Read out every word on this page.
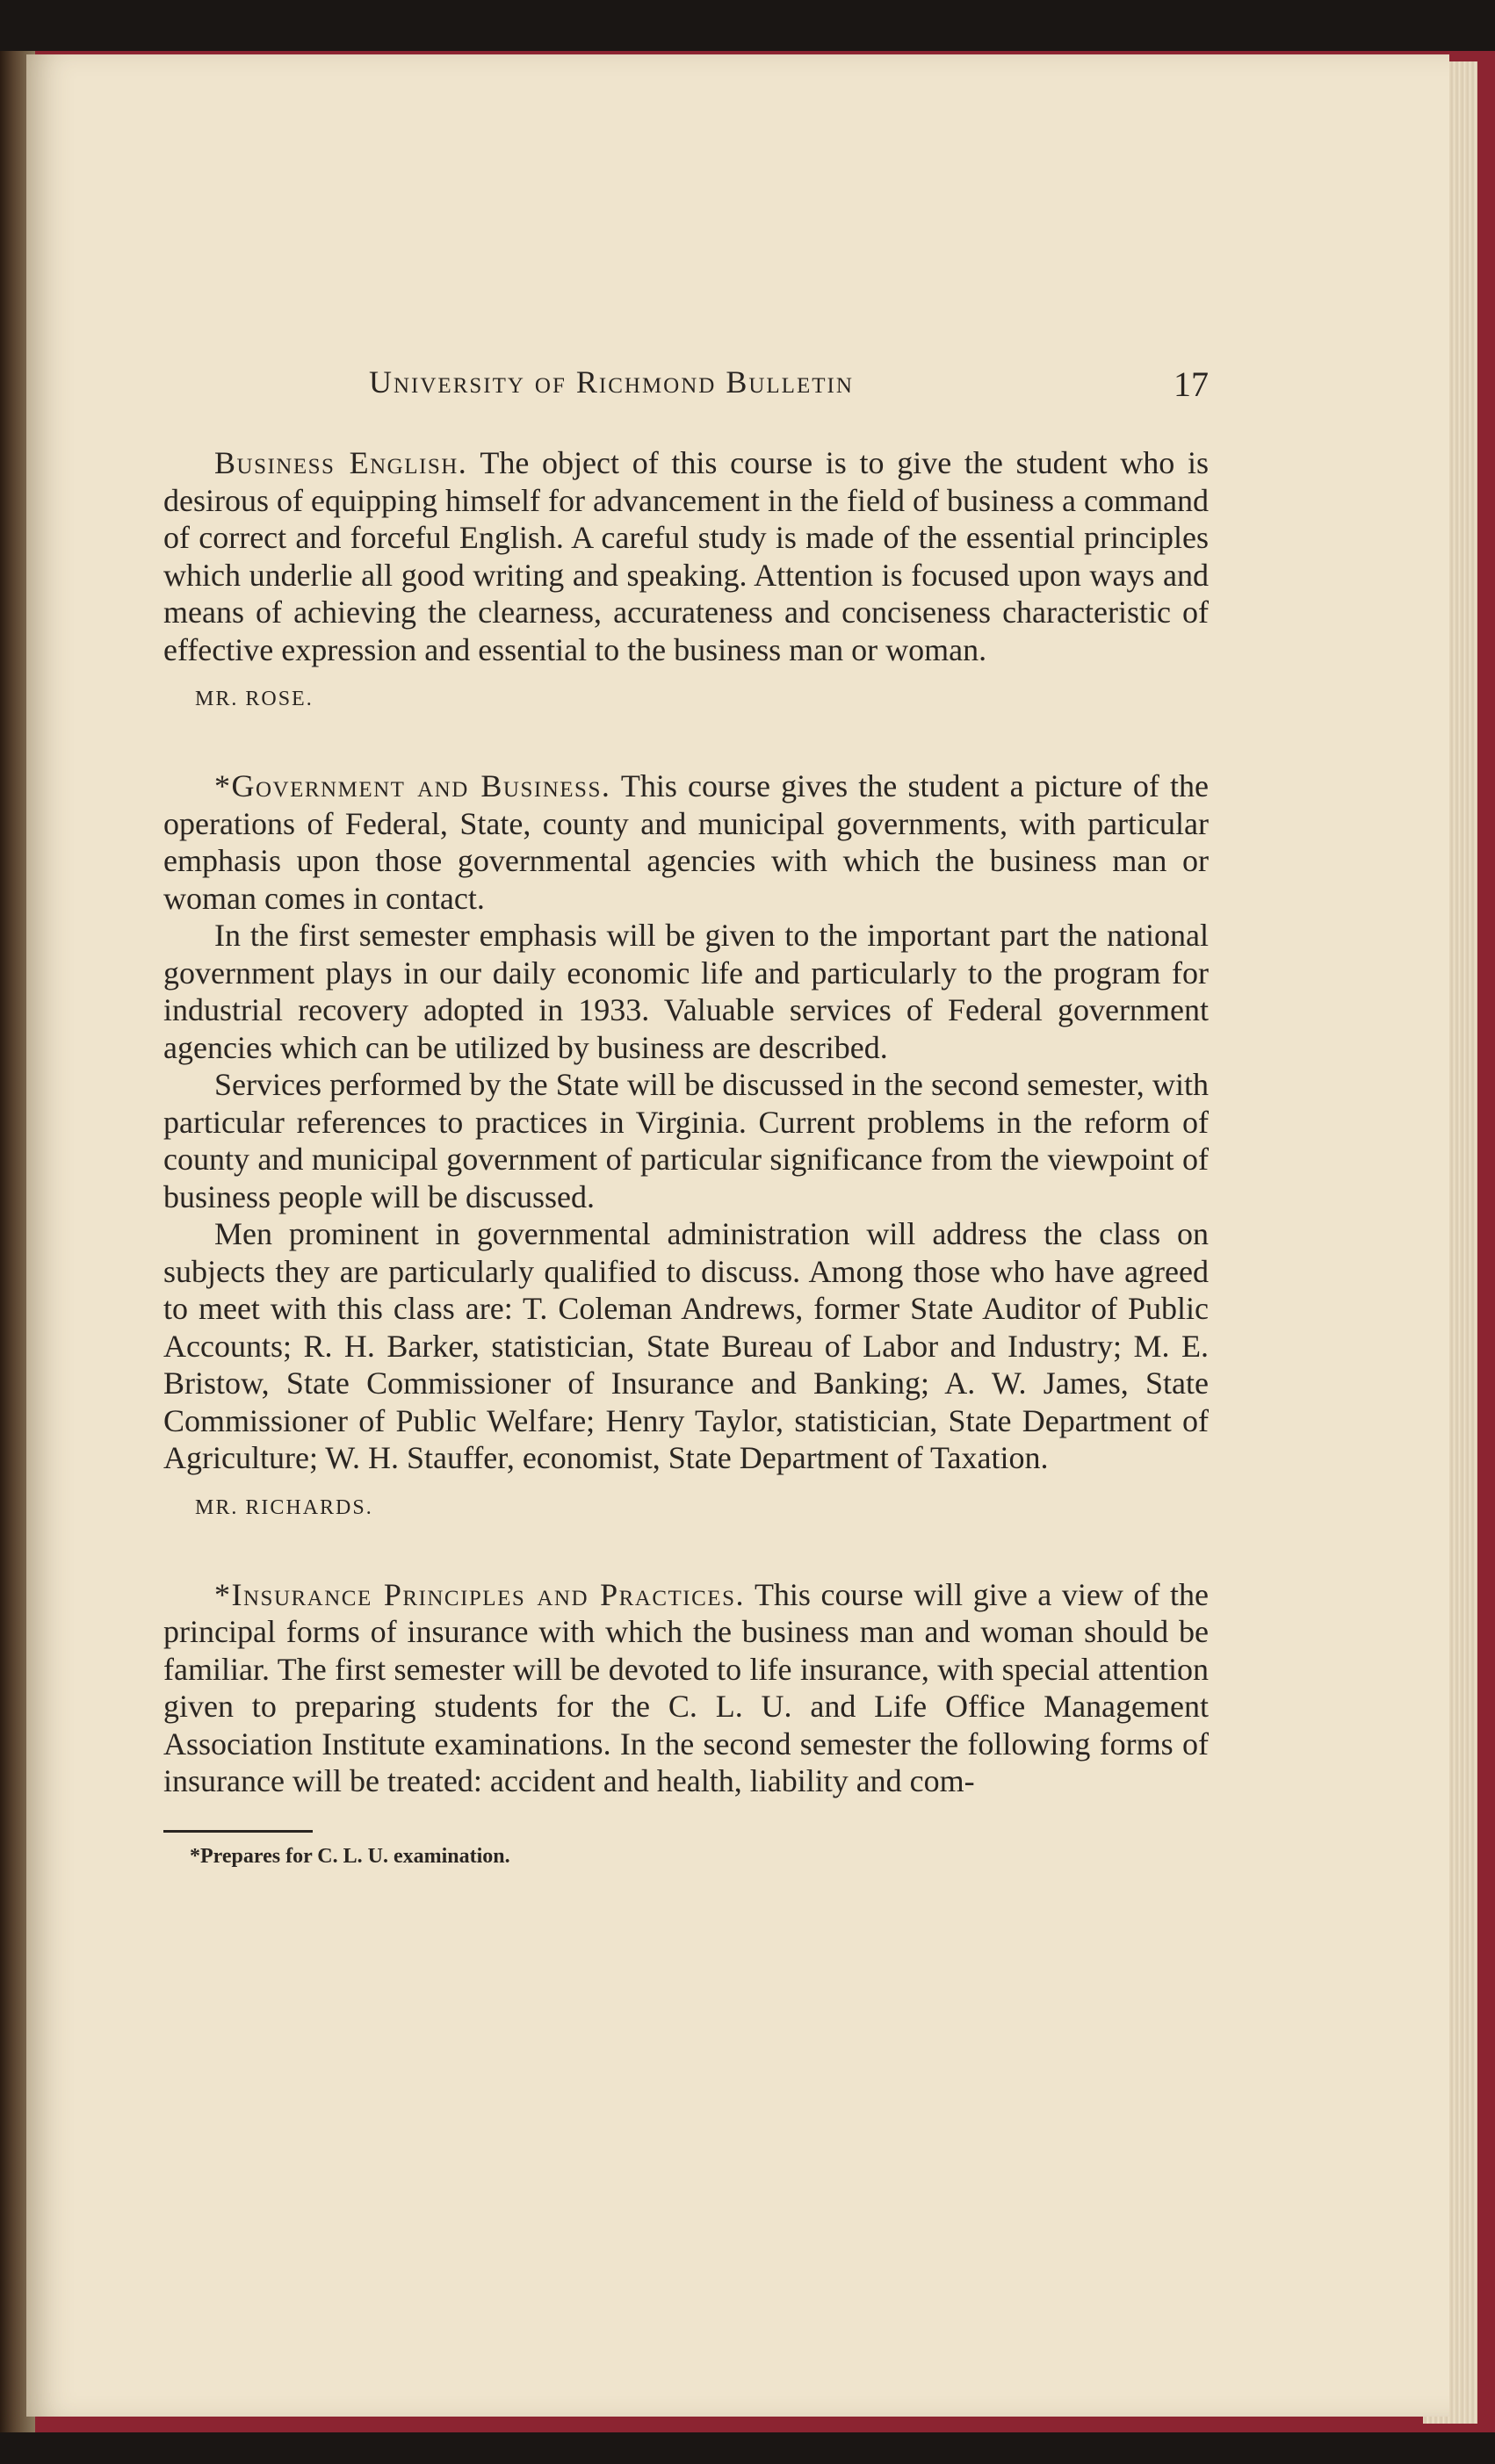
University of Richmond Bulletin	17

Business English. The object of this course is to give the student who is desirous of equipping himself for advancement in the field of business a command of correct and forceful English. A careful study is made of the essential principles which underlie all good writing and speaking. Attention is focused upon ways and means of achieving the clearness, accurateness and conciseness characteristic of effective expression and essential to the business man or woman.

MR. ROSE.

*Government and Business. This course gives the student a picture of the operations of Federal, State, county and municipal governments, with particular emphasis upon those governmental agencies with which the business man or woman comes in contact.

In the first semester emphasis will be given to the important part the national government plays in our daily economic life and particularly to the program for industrial recovery adopted in 1933. Valuable services of Federal government agencies which can be utilized by business are described.

Services performed by the State will be discussed in the second semester, with particular references to practices in Virginia. Current problems in the reform of county and municipal government of particular significance from the viewpoint of business people will be discussed.

Men prominent in governmental administration will address the class on subjects they are particularly qualified to discuss. Among those who have agreed to meet with this class are: T. Coleman Andrews, former State Auditor of Public Accounts; R. H. Barker, statistician, State Bureau of Labor and Industry; M. E. Bristow, State Commissioner of Insurance and Banking; A. W. James, State Commissioner of Public Welfare; Henry Taylor, statistician, State Department of Agriculture; W. H. Stauffer, economist, State Department of Taxation.

MR. RICHARDS.

*Insurance Principles and Practices. This course will give a view of the principal forms of insurance with which the business man and woman should be familiar. The first semester will be devoted to life insurance, with special attention given to preparing students for the C. L. U. and Life Office Management Association Institute examinations. In the second semester the following forms of insurance will be treated: accident and health, liability and com-

*Prepares for C. L. U. examination.
